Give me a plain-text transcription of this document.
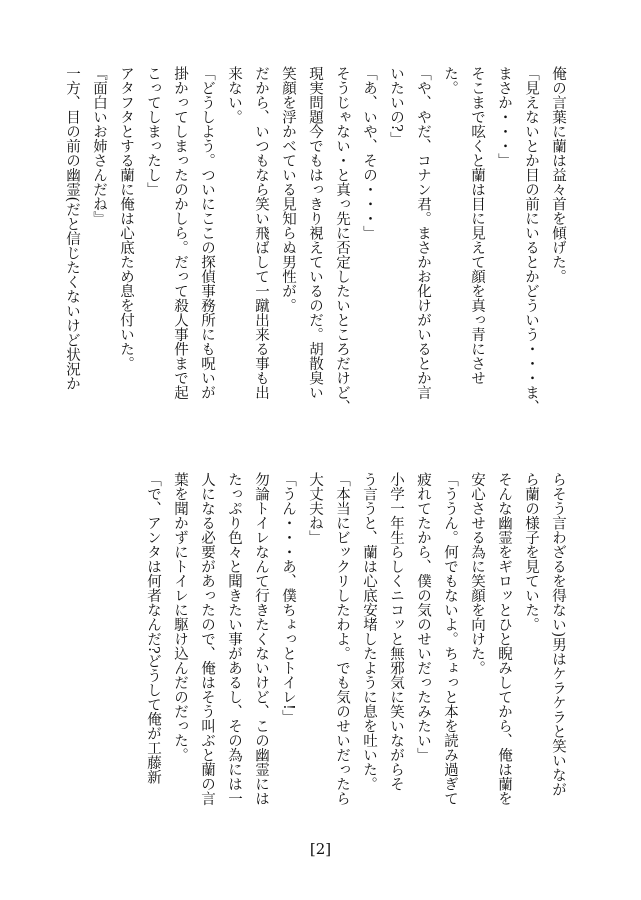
俺の言葉に蘭は益々首を傾げた。
「見えないとか目の前にいるとかどういう・・・ま、
まさか・・・」
そこまで呟くと蘭は目に見えて顔を真っ青にさせ
た。
「や、やだ、コナン君。まさかお化けがいるとか言
いたいの?」
「あ、いや、その・・・」
そうじゃない・と真っ先に否定したいところだけど、
現実問題今でもはっきり視えているのだ。胡散臭い
笑顔を浮かべている見知らぬ男性が。
だから、いつもなら笑い飛ばして一蹴出来る事も出
来ない。
「どうしよう。ついにここの探偵事務所にも呪いが
掛かってしまったのかしら。だって殺人事件まで起
こってしまったし」
アタフタとする蘭に俺は心底ため息を付いた。
『面白いお姉さんだね』
一方、目の前の幽霊(だと信じたくないけど状況か
らそう言わざるを得ない)男はケラケラと笑いなが
ら蘭の様子を見ていた。
そんな幽霊をギロッとひと睨みしてから、俺は蘭を
安心させる為に笑顔を向けた。
「ううん。何でもないよ。ちょっと本を読み過ぎて
疲れてたから、僕の気のせいだったみたい」
小学一年生らしくニコッと無邪気に笑いながらそ
う言うと、蘭は心底安堵したように息を吐いた。
「本当にビックリしたわよ。でも気のせいだったら
大丈夫ね」
「うん・・・あ、僕ちょっとトイレ!」
勿論トイレなんて行きたくないけど、この幽霊には
たっぷり色々と聞きたい事があるし、その為には一
人になる必要があったので、俺はそう叫ぶと蘭の言
葉を聞かずにトイレに駆け込んだのだった。
「で、アンタは何者なんだ?どうして俺が工藤新
[2]
